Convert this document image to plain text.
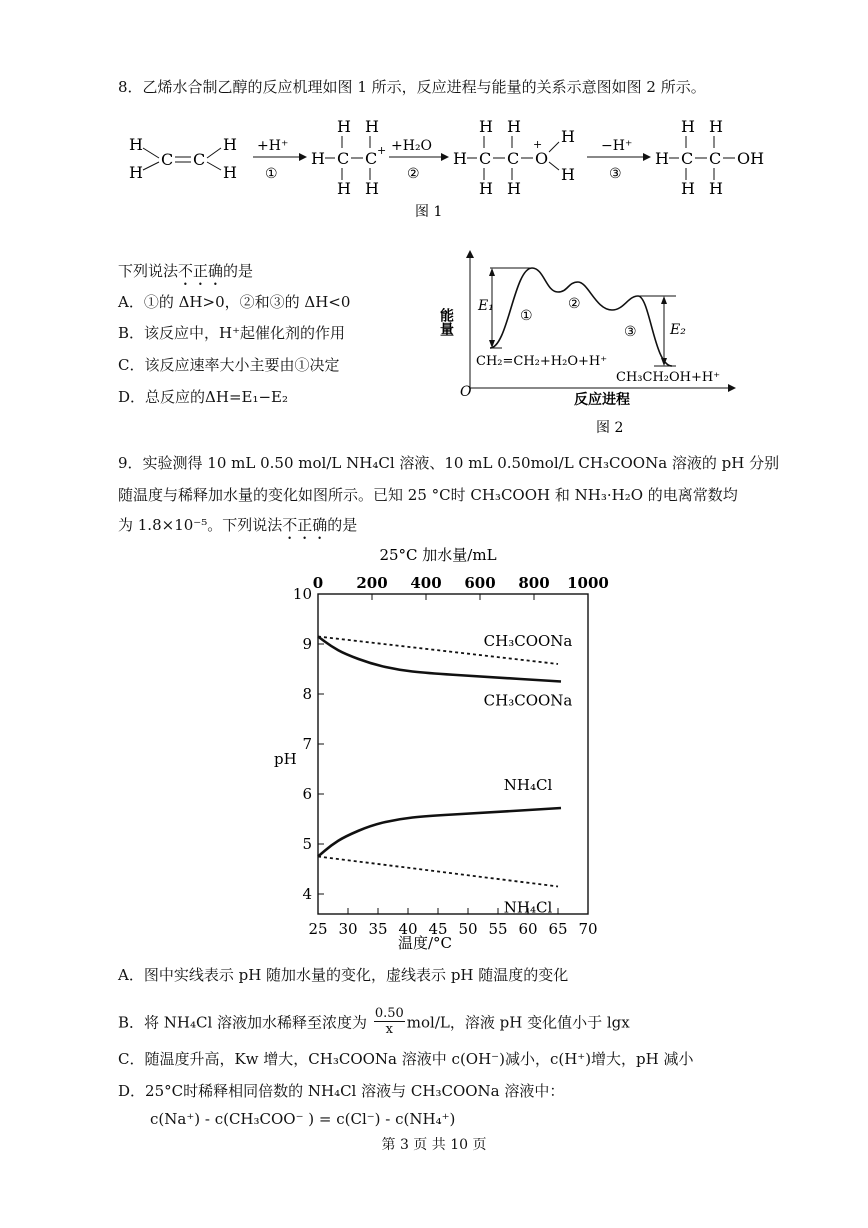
8．乙烯水合制乙醇的反应机理如图 1 所示，反应进程与能量的关系示意图如图 2 所示。
H
H
C C
H
H
+H⁺
①
H C C +
H H
H H
+H₂O
②
H C C O
+ H
H
H H
H H
−H⁺
③
H C C OH
H H
H H
图 1
下列说法不正确的是
A．①的 ΔH>0，②和③的 ΔH<0
B．该反应中，H⁺起催化剂的作用
C．该反应速率大小主要由①决定
D．总反应的ΔH=E₁−E₂	O
能量
反应进程
E₁
E₂
①
②
③
CH₂=CH₂+H₂O+H⁺
CH₃CH₂OH+H⁺
图 2
9．实验测得 10 mL 0.50 mol/L NH₄Cl 溶液、10 mL 0.50mol/L CH₃COONa 溶液的 pH 分别
随温度与稀释加水量的变化如图所示。已知 25 °C时 CH₃COOH 和 NH₃·H₂O 的电离常数均
为 1.8×10⁻⁵。下列说法不正确的是
25°C 加水量/mL
温度/°C
pH
25 30 35 40 45 50 55 60 65 70
0 200 400 600 800 1000
4
5
6
7
8
9
10
CH₃COONa
CH₃COONa
NH₄Cl
NH₄Cl
A．图中实线表示 pH 随加水量的变化，虚线表示 pH 随温度的变化
B．将 NH₄Cl 溶液加水稀释至浓度为 $\frac{0.50}{x} mol/L$，溶液 pH 变化值小于 lgx
C．随温度升高，Kw 增大，CH₃COONa 溶液中 c(OH⁻)减小，c(H⁺)增大，pH 减小
D．25°C时稀释相同倍数的 NH₄Cl 溶液与 CH₃COONa 溶液中：
c(Na⁺) - c(CH₃COO⁻ ) = c(Cl⁻) - c(NH₄⁺)
第 3 页 共 10 页
